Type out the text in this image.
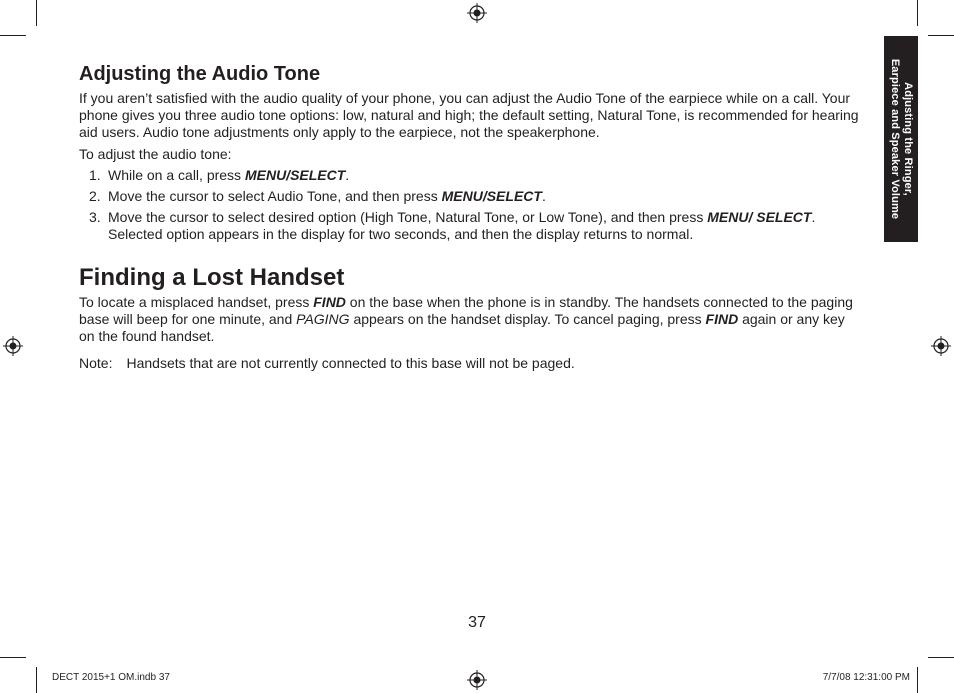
Adjusting the Ringer,
Earpiece and Speaker Volume
Adjusting the Audio Tone

If you aren’t satisfied with the audio quality of your phone, you can adjust the Audio Tone of the earpiece while on a call. Your phone gives you three audio tone options: low, natural and high; the default setting, Natural Tone, is recommended for hearing aid users. Audio tone adjustments only apply to the earpiece, not the speakerphone.

To adjust the audio tone:

1. While on a call, press MENU/SELECT.
2. Move the cursor to select Audio Tone, and then press MENU/SELECT.
3. Move the cursor to select desired option (High Tone, Natural Tone, or Low Tone), and then press MENU/ SELECT. Selected option appears in the display for two seconds, and then the display returns to normal.
Finding a Lost Handset

To locate a misplaced handset, press FIND on the base when the phone is in standby. The handsets connected to the paging base will beep for one minute, and PAGING appears on the handset display. To cancel paging, press FIND again or any key on the found handset.

Note: Handsets that are not currently connected to this base will not be paged.

37
DECT 2015+1 OM.indb 37	7/7/08 12:31:00 PM
